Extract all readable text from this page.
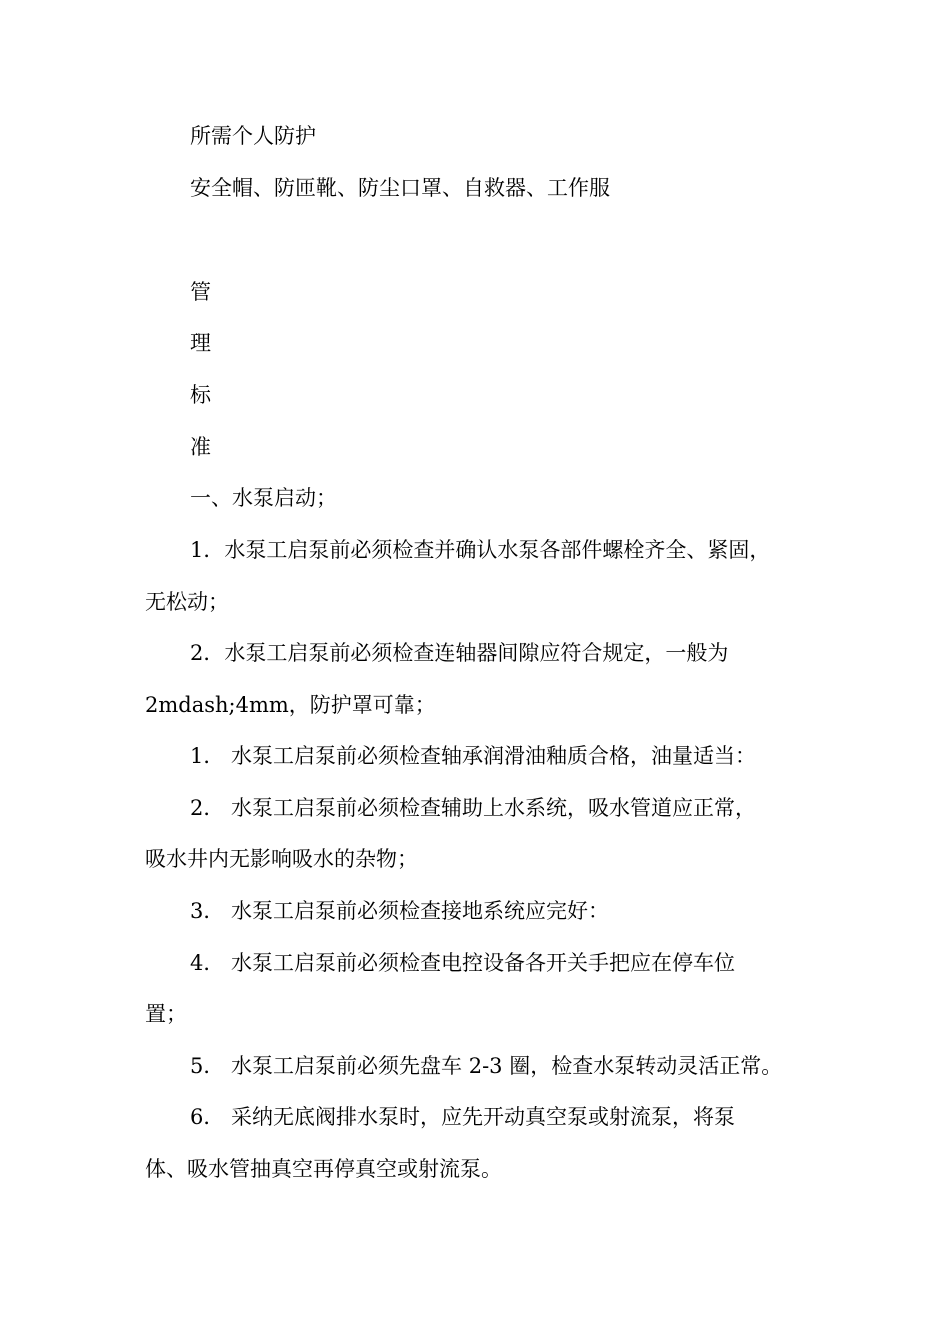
所需个人防护
安全帽、防匝靴、防尘口罩、自救器、工作服
管
理
标
准
一、水泵启动；
1．水泵工启泵前必须检查并确认水泵各部件螺栓齐全、紧固，
无松动；
2．水泵工启泵前必须检查连轴器间隙应符合规定，一般为
2mdash;4mm，防护罩可靠；
1． 水泵工启泵前必须检查轴承润滑油釉质合格，油量适当：
2． 水泵工启泵前必须检查辅助上水系统，吸水管道应正常，
吸水井内无影响吸水的杂物；
3． 水泵工启泵前必须检查接地系统应完好：
4． 水泵工启泵前必须检查电控设备各开关手把应在停车位
置；
5． 水泵工启泵前必须先盘车 2-3 圈，检查水泵转动灵活正常。
6． 采纳无底阀排水泵时，应先开动真空泵或射流泵，将泵
体、吸水管抽真空再停真空或射流泵。
